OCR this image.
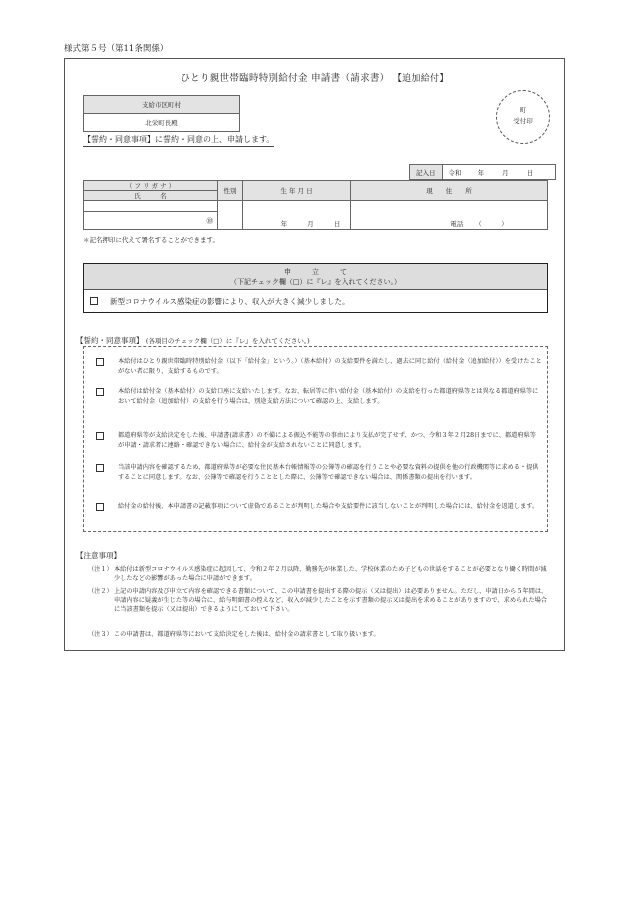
様式第５号（第11条関係）
ひとり親世帯臨時特別給付金 申請書（請求書） 【追加給付】
支給市区町村
北栄町長殿
町
受付印
【誓約・同意事項】に誓約・同意の上、申請します。
記入日	令和 年	月	日
（ フ リ ガ ナ ）	性別	生 年 月 日	現　　住　　所
氏　　　名			
		年 月 日	電話 （　　　）
㊞			
＊記名押印に代えて署名することができます。
申　　　立　　　て
（下記チェック欄（□）に『レ』を入れてください。）
新型コロナウイルス感染症の影響により、収入が大きく減少しました。
【誓約・同意事項】 (各項目のチェック欄（□）に『レ』を入れてください。)
本給付はひとり親世帯臨時特別給付金（以下「給付金」という。）（基本給付）の支給要件を満たし、過去に同じ給付（給付金（追加給付））を受けたことがない者に限り、支給するものです。
本給付は給付金（基本給付）の支給口座に支給いたします。なお、転居等に伴い給付金（基本給付）の支給を行った都道府県等とは異なる都道府県等において給付金（追加給付）の支給を行う場合は、別途支給方法について確認の上、支給します。
都道府県等が支給決定をした後、申請書(請求書）の不備による振込不能等の事由により支払が完了せず、かつ、令和３年２月28日までに、都道府県等が申請・請求者に連絡・確認できない場合に、給付金が支給されないことに同意します。
当該申請内容を確認するため、都道府県等が必要な住民基本台帳情報等の公簿等の確認を行うことや必要な資料の提供を他の行政機関等に求める・提供することに同意します。なお、公簿等で確認を行うこととした際に、公簿等で確認できない場合は、関係書類の提出を行います。
給付金の給付後、本申請書の記載事項について虚偽であることが判明した場合や支給要件に該当しないことが判明した場合には、給付金を返還します。
【注意事項】
（注１） 本給付は新型コロナウイルス感染症に起因して、令和２年２月以降、勤務先が休業した、学校休業のため子どもの世話をすることが必要となり働く時間が減少したなどの影響があった場合に申請ができます。
（注２） 上記の申請内容及び申立て内容を確認できる書類について、この申請書を提出する際の提示（又は提出）は必要ありません。ただし、申請日から５年間は、申請内容に疑義が生じた等の場合に、給与明細書の控えなど、収入が減少したことを示す書類の提示又は提出を求めることがありますので、求められた場合に当該書類を提示（又は提出）できるようにしておいて下さい。
（注３） この申請書は、都道府県等において支給決定をした後は、給付金の請求書として取り扱います。
